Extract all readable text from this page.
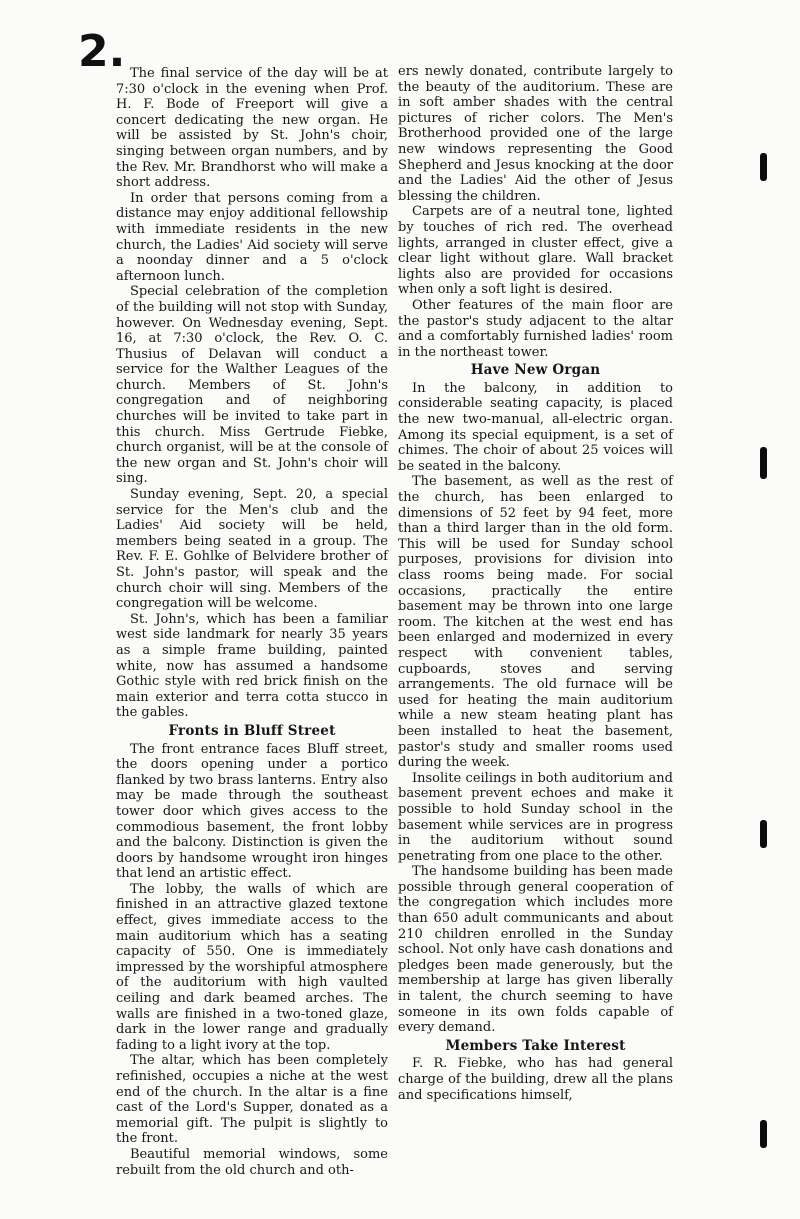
2. The final service of the day will be at 7:30 o'clock in the evening when Prof. H. F. Bode of Freeport will give a concert dedicating the new organ. He will be assisted by St. John's choir, singing between organ numbers, and by the Rev. Mr. Brandhorst who will make a short address.

In order that persons coming from a distance may enjoy additional fellowship with immediate residents in the new church, the Ladies' Aid society will serve a noonday dinner and a 5 o'clock afternoon lunch.

Special celebration of the completion of the building will not stop with Sunday, however. On Wednesday evening, Sept. 16, at 7:30 o'clock, the Rev. O. C. Thusius of Delavan will conduct a service for the Walther Leagues of the church. Members of St. John's congregation and of neighboring churches will be invited to take part in this church. Miss Gertrude Fiebke, church organist, will be at the console of the new organ and St. John's choir will sing.

Sunday evening, Sept. 20, a special service for the Men's club and the Ladies' Aid society will be held, members being seated in a group. The Rev. F. E. Gohlke of Belvidere brother of St. John's pastor, will speak and the church choir will sing. Members of the congregation will be welcome.

St. John's, which has been a familiar west side landmark for nearly 35 years as a simple frame building, painted white, now has assumed a handsome Gothic style with red brick finish on the main exterior and terra cotta stucco in the gables.

Fronts in Bluff Street

The front entrance faces Bluff street, the doors opening under a portico flanked by two brass lanterns. Entry also may be made through the southeast tower door which gives access to the commodious basement, the front lobby and the balcony. Distinction is given the doors by handsome wrought iron hinges that lend an artistic effect.

The lobby, the walls of which are finished in an attractive glazed textone effect, gives immediate access to the main auditorium which has a seating capacity of 550. One is immediately impressed by the worshipful atmosphere of the auditorium with high vaulted ceiling and dark beamed arches. The walls are finished in a two-toned glaze, dark in the lower range and gradually fading to a light ivory at the top.

The altar, which has been completely refinished, occupies a niche at the west end of the church. In the altar is a fine cast of the Lord's Supper, donated as a memorial gift. The pulpit is slightly to the front.

Beautiful memorial windows, some rebuilt from the old church and oth-

ers newly donated, contribute largely to the beauty of the auditorium. These are in soft amber shades with the central pictures of richer colors. The Men's Brotherhood provided one of the large new windows representing the Good Shepherd and Jesus knocking at the door and the Ladies' Aid the other of Jesus blessing the children.

Carpets are of a neutral tone, lighted by touches of rich red. The overhead lights, arranged in cluster effect, give a clear light without glare. Wall bracket lights also are provided for occasions when only a soft light is desired.

Other features of the main floor are the pastor's study adjacent to the altar and a comfortably furnished ladies' room in the northeast tower.

Have New Organ

In the balcony, in addition to considerable seating capacity, is placed the new two-manual, all-electric organ. Among its special equipment, is a set of chimes. The choir of about 25 voices will be seated in the balcony.

The basement, as well as the rest of the church, has been enlarged to dimensions of 52 feet by 94 feet, more than a third larger than in the old form. This will be used for Sunday school purposes, provisions for division into class rooms being made. For social occasions, practically the entire basement may be thrown into one large room. The kitchen at the west end has been enlarged and modernized in every respect with convenient tables, cupboards, stoves and serving arrangements. The old furnace will be used for heating the main auditorium while a new steam heating plant has been installed to heat the basement, pastor's study and smaller rooms used during the week.

Insolite ceilings in both auditorium and basement prevent echoes and make it possible to hold Sunday school in the basement while services are in progress in the auditorium without sound penetrating from one place to the other.

The handsome building has been made possible through general cooperation of the congregation which includes more than 650 adult communicants and about 210 children enrolled in the Sunday school. Not only have cash donations and pledges been made generously, but the membership at large has given liberally in talent, the church seeming to have someone in its own folds capable of every demand.

Members Take Interest

F. R. Fiebke, who has had general charge of the building, drew all the plans and specifications himself,
